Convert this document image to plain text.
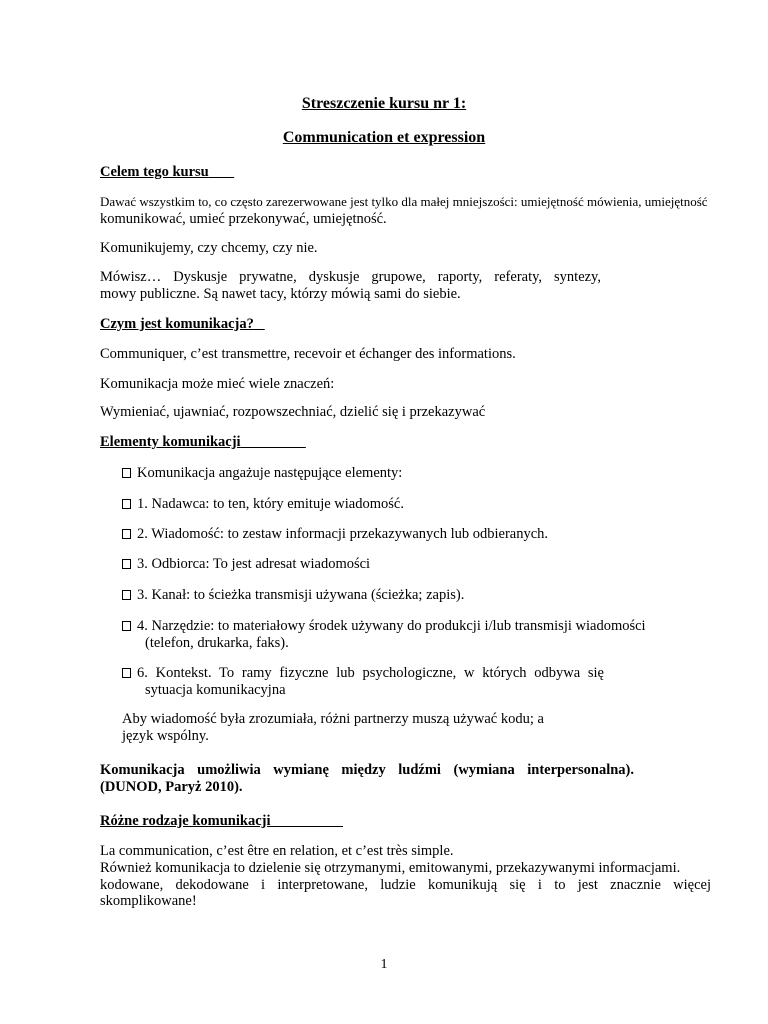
Streszczenie kursu nr 1:
Communication et expression
Celem tego kursu
Dawać wszystkim to, co często zarezerwowane jest tylko dla małej mniejszości: umiejętność mówienia, umiejętność
komunikować, umieć przekonywać, umiejętność.
Komunikujemy, czy chcemy, czy nie.
Mówisz… Dyskusje prywatne, dyskusje grupowe, raporty, referaty, syntezy,
mowy publiczne. Są nawet tacy, którzy mówią sami do siebie.
Czym jest komunikacja?
Communiquer, c’est transmettre, recevoir et échanger des informations.
Komunikacja może mieć wiele znaczeń:
Wymieniać, ujawniać, rozpowszechniać, dzielić się i przekazywać
Elementy komunikacji
Komunikacja angażuje następujące elementy:
1. Nadawca: to ten, który emituje wiadomość.
2. Wiadomość: to zestaw informacji przekazywanych lub odbieranych.
3. Odbiorca: To jest adresat wiadomości
3. Kanał: to ścieżka transmisji używana (ścieżka; zapis).
4. Narzędzie: to materiałowy środek używany do produkcji i/lub transmisji wiadomości
(telefon, drukarka, faks).
6. Kontekst. To ramy fizyczne lub psychologiczne, w których odbywa się
sytuacja komunikacyjna
Aby wiadomość była zrozumiała, różni partnerzy muszą używać kodu; a
język wspólny.
Komunikacja umożliwia wymianę między ludźmi (wymiana interpersonalna).
(DUNOD, Paryż 2010).
Różne rodzaje komunikacji
La communication, c’est être en relation, et c’est très simple.
Również komunikacja to dzielenie się otrzymanymi, emitowanymi, przekazywanymi informacjami.
kodowane, dekodowane i interpretowane, ludzie komunikują się i to jest znacznie więcej
skomplikowane!
1
